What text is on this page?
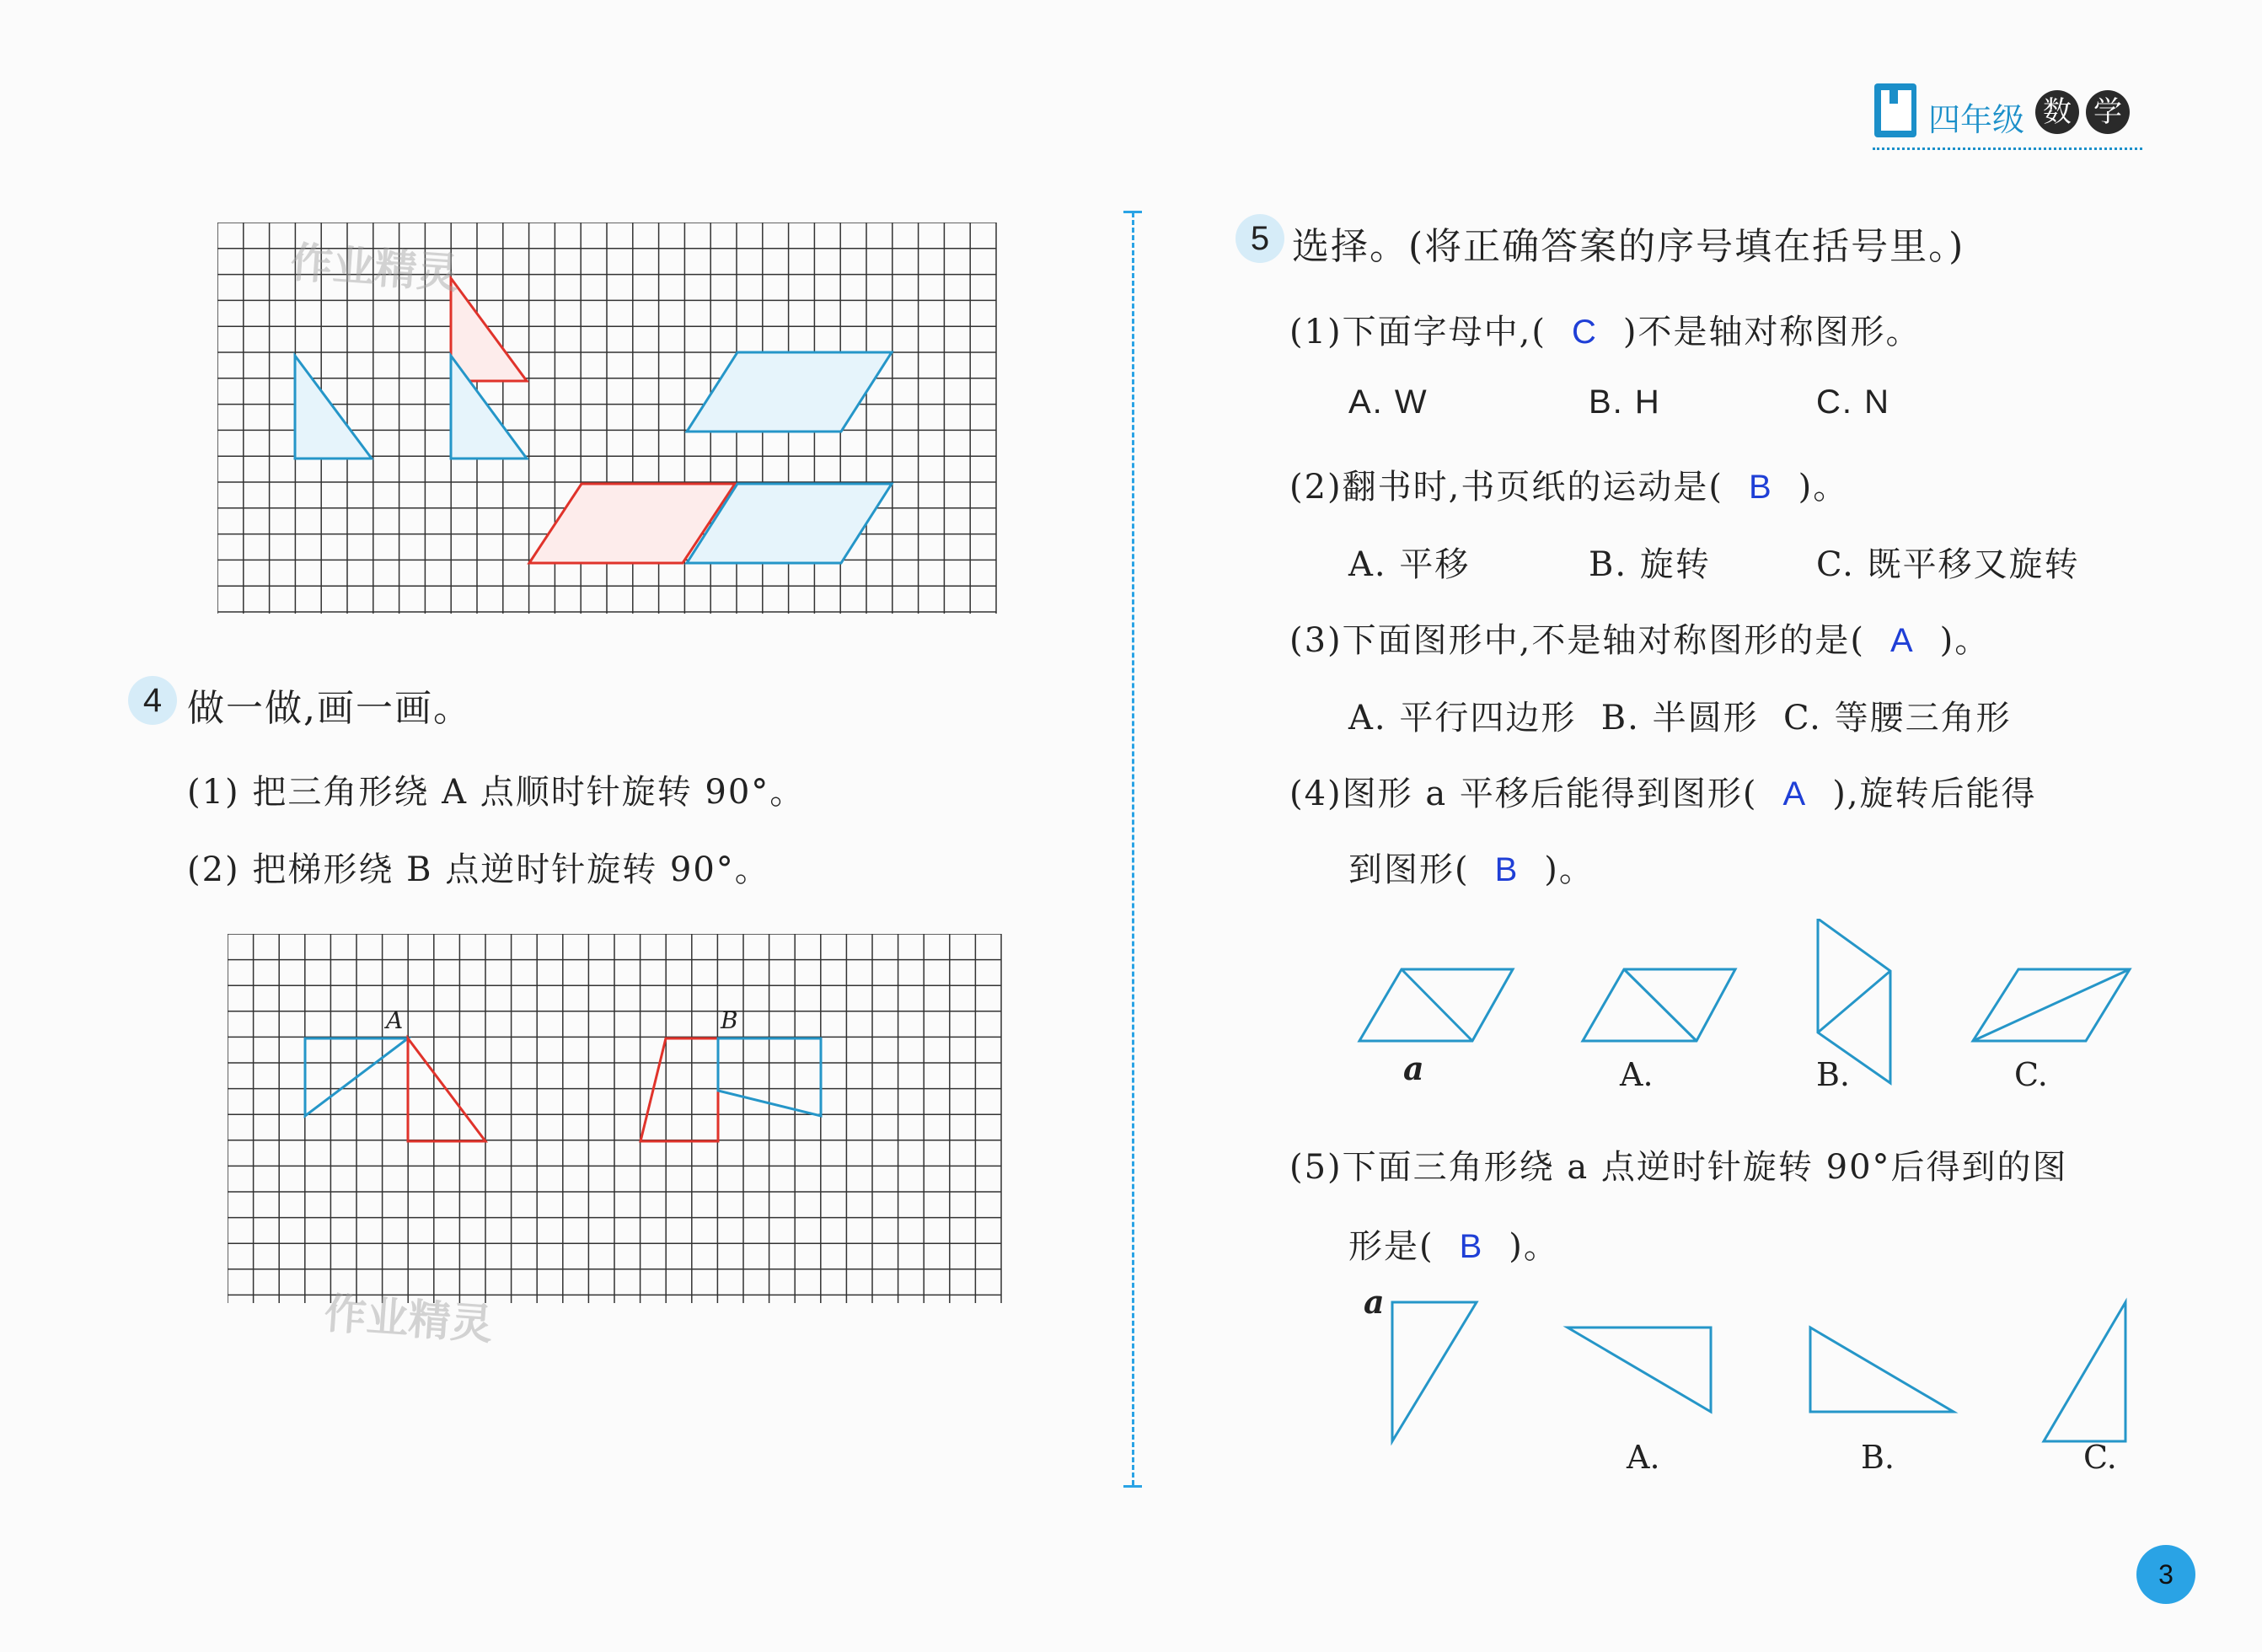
四年级 数 学
作业精灵
4 做一做,画一画。
(1) 把三角形绕 A 点顺时针旋转 90°。
(2) 把梯形绕 B 点逆时针旋转 90°。
A	B
作业精灵
5 选择。(将正确答案的序号填在括号里。)
(1)下面字母中,( C )不是轴对称图形。
A. W	B. H	C. N
(2)翻书时,书页纸的运动是( B )。
A. 平移	B. 旋转	C. 既平移又旋转
(3)下面图形中,不是轴对称图形的是( A )。
A. 平行四边形  B. 半圆形  C. 等腰三角形
(4)图形 a 平移后能得到图形( A ),旋转后能得
到图形( B )。
a	A.	B.	C.
(5)下面三角形绕 a 点逆时针旋转 90°后得到的图
形是( B )。
a
A.	B.	C.
3
